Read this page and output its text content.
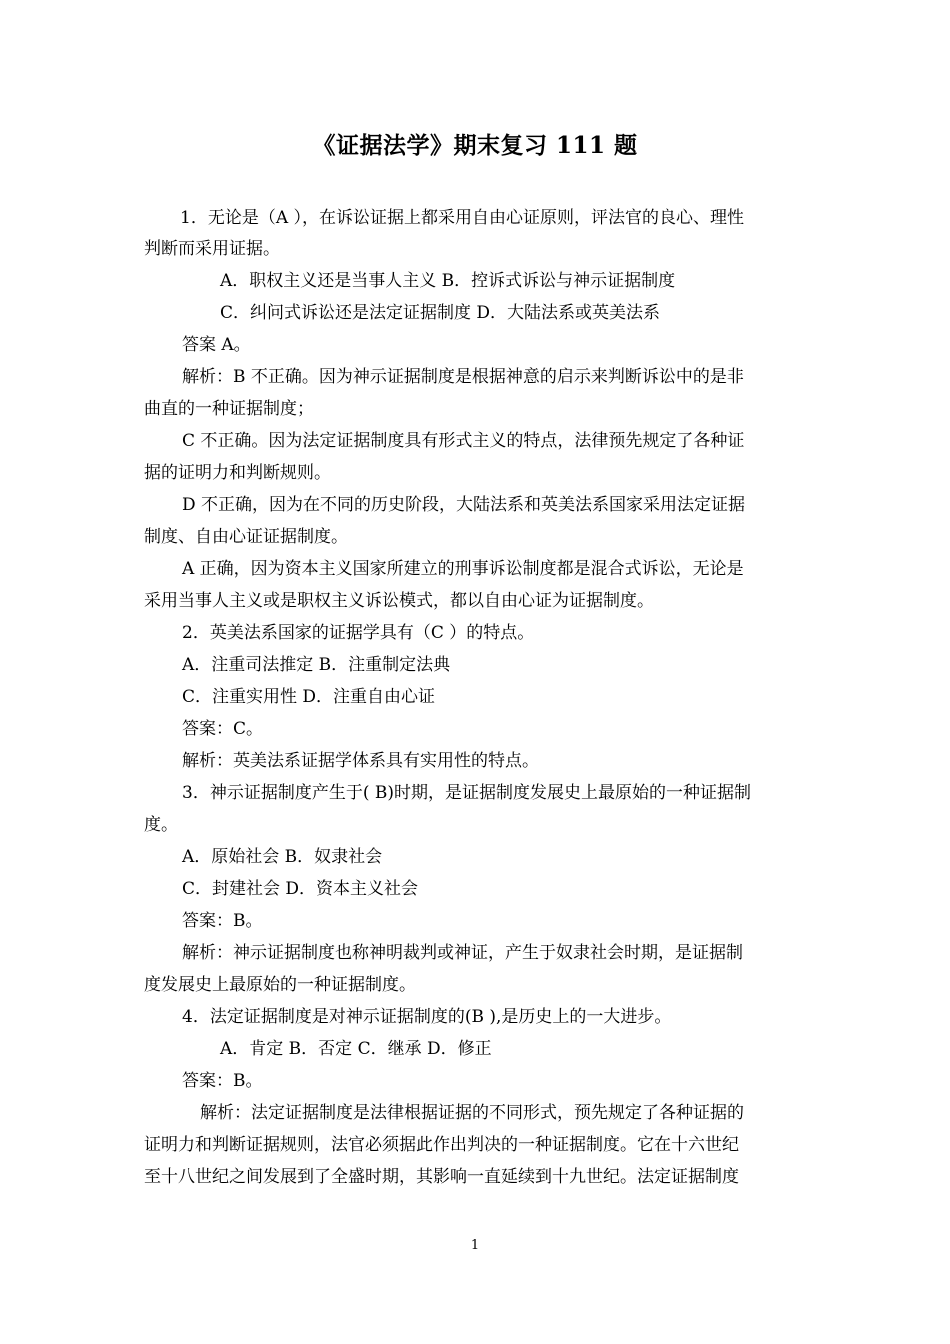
《证据法学》期末复习 111 题
1．无论是（A ），在诉讼证据上都采用自由心证原则，评法官的良心、理性
判断而采用证据。
A．职权主义还是当事人主义 B．控诉式诉讼与神示证据制度
C．纠问式诉讼还是法定证据制度 D．大陆法系或英美法系
答案 A。
解析：B 不正确。因为神示证据制度是根据神意的启示来判断诉讼中的是非
曲直的一种证据制度；
C 不正确。因为法定证据制度具有形式主义的特点，法律预先规定了各种证
据的证明力和判断规则。
D 不正确，因为在不同的历史阶段，大陆法系和英美法系国家采用法定证据
制度、自由心证证据制度。
A 正确，因为资本主义国家所建立的刑事诉讼制度都是混合式诉讼，无论是
采用当事人主义或是职权主义诉讼模式，都以自由心证为证据制度。
2．英美法系国家的证据学具有（C ）的特点。
A．注重司法推定 B．注重制定法典
C．注重实用性 D．注重自由心证
答案：C。
解析：英美法系证据学体系具有实用性的特点。
3．神示证据制度产生于( B)时期，是证据制度发展史上最原始的一种证据制
度。
A．原始社会 B．奴隶社会
C．封建社会 D．资本主义社会
答案：B。
解析：神示证据制度也称神明裁判或神证，产生于奴隶社会时期，是证据制
度发展史上最原始的一种证据制度。
4．法定证据制度是对神示证据制度的(B ),是历史上的一大进步。
A．肯定 B．否定 C．继承 D．修正
答案：B。
解析：法定证据制度是法律根据证据的不同形式，预先规定了各种证据的
证明力和判断证据规则，法官必须据此作出判决的一种证据制度。它在十六世纪
至十八世纪之间发展到了全盛时期，其影响一直延续到十九世纪。法定证据制度
1
